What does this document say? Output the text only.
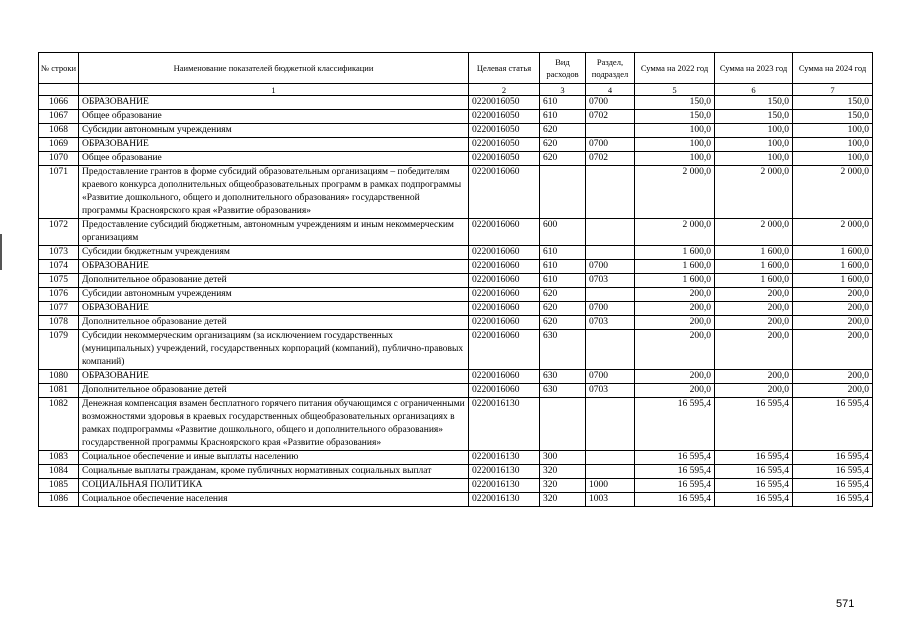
№ строки	Наименование показателей бюджетной классификации	Целевая статья	Вид расходов	Раздел, подраздел	Сумма на 2022 год	Сумма на 2023 год	Сумма на 2024 год
	1	2	3	4	5	6	7
1066	ОБРАЗОВАНИЕ	0220016050	610	0700	150,0	150,0	150,0
1067	Общее образование	0220016050	610	0702	150,0	150,0	150,0
1068	Субсидии автономным учреждениям	0220016050	620		100,0	100,0	100,0
1069	ОБРАЗОВАНИЕ	0220016050	620	0700	100,0	100,0	100,0
1070	Общее образование	0220016050	620	0702	100,0	100,0	100,0
1071	Предоставление грантов в форме субсидий образовательным организациям – победителям краевого конкурса дополнительных общеобразовательных программ в рамках подпрограммы «Развитие дошкольного, общего и дополнительного образования» государственной программы Красноярского края «Развитие образования»	0220016060			2 000,0	2 000,0	2 000,0
1072	Предоставление субсидий бюджетным, автономным учреждениям и иным некоммерческим организациям	0220016060	600		2 000,0	2 000,0	2 000,0
1073	Субсидии бюджетным учреждениям	0220016060	610		1 600,0	1 600,0	1 600,0
1074	ОБРАЗОВАНИЕ	0220016060	610	0700	1 600,0	1 600,0	1 600,0
1075	Дополнительное образование детей	0220016060	610	0703	1 600,0	1 600,0	1 600,0
1076	Субсидии автономным учреждениям	0220016060	620		200,0	200,0	200,0
1077	ОБРАЗОВАНИЕ	0220016060	620	0700	200,0	200,0	200,0
1078	Дополнительное образование детей	0220016060	620	0703	200,0	200,0	200,0
1079	Субсидии некоммерческим организациям (за исключением государственных (муниципальных) учреждений, государственных корпораций (компаний), публично-правовых компаний)	0220016060	630		200,0	200,0	200,0
1080	ОБРАЗОВАНИЕ	0220016060	630	0700	200,0	200,0	200,0
1081	Дополнительное образование детей	0220016060	630	0703	200,0	200,0	200,0
1082	Денежная компенсация взамен бесплатного горячего питания обучающимся с ограниченными возможностями здоровья в краевых государственных общеобразовательных организациях в рамках подпрограммы «Развитие дошкольного, общего и дополнительного образования» государственной программы Красноярского края «Развитие образования»	0220016130			16 595,4	16 595,4	16 595,4
1083	Социальное обеспечение и иные выплаты населению	0220016130	300		16 595,4	16 595,4	16 595,4
1084	Социальные выплаты гражданам, кроме публичных нормативных социальных выплат	0220016130	320		16 595,4	16 595,4	16 595,4
1085	СОЦИАЛЬНАЯ ПОЛИТИКА	0220016130	320	1000	16 595,4	16 595,4	16 595,4
1086	Социальное обеспечение населения	0220016130	320	1003	16 595,4	16 595,4	16 595,4
571
